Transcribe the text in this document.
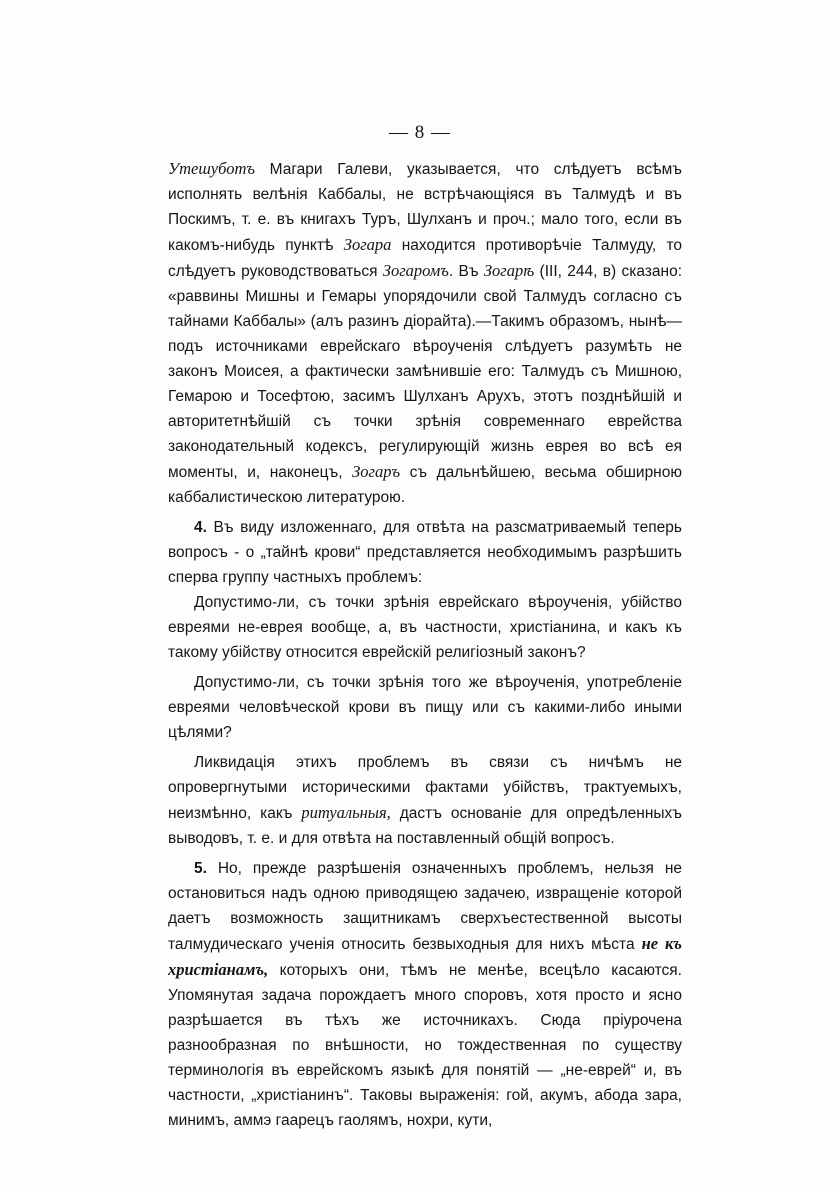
— 8 —

Утешуботъ Магари Галеви, указывается, что слѣдуетъ всѣмъ исполнять велѣнія Каббалы, не встрѣчающіяся въ Талмудѣ и въ Поскимъ, т. е. въ книгахъ Туръ, Шулханъ и проч.; мало того, если въ какомъ-нибудь пунктѣ Зогара находится противорѣчіе Талмуду, то слѣдуетъ руководствоваться Зогаромъ. Въ Зогарѣ (III, 244, в) сказано: «раввины Мишны и Гемары упорядочили свой Талмудъ согласно съ тайнами Каббалы» (алъ разинъ діорайта).—Такимъ образомъ, нынѣ—подъ источниками еврейскаго вѣроученія слѣдуетъ разумѣть не законъ Моисея, а фактически замѣнившіе его: Талмудъ съ Мишною, Гемарою и Тосефтою, засимъ Шулханъ Арухъ, этотъ позднѣйшій и авторитетнѣйшій съ точки зрѣнія современнаго еврейства законодательный кодексъ, регулирующій жизнь еврея во всѣ ея моменты, и, наконецъ, Зогаръ съ дальнѣйшею, весьма обширною каббалистическою литературою.

4. Въ виду изложеннаго, для отвѣта на разсматриваемый теперь вопросъ - о „тайнѣ крови“ представляется необходимымъ разрѣшить сперва группу частныхъ проблемъ:

Допустимо-ли, съ точки зрѣнія еврейскаго вѣроученія, убійство евреями не-еврея вообще, а, въ частности, христіанина, и какъ къ такому убійству относится еврейскій религіозный законъ?

Допустимо-ли, съ точки зрѣнія того же вѣроученія, употребленіе евреями человѣческой крови въ пищу или съ какими-либо иными цѣлями?

Ликвидація этихъ проблемъ въ связи съ ничѣмъ не опровергнутыми историческими фактами убійствъ, трактуемыхъ, неизмѣнно, какъ ритуальныя, дастъ основаніе для опредѣленныхъ выводовъ, т. е. и для отвѣта на поставленный общій вопросъ.

5. Но, прежде разрѣшенія означенныхъ проблемъ, нельзя не остановиться надъ одною приводящею задачею, извращеніе которой даетъ возможность защитникамъ сверхъестественной высоты талмудическаго ученія относить безвыходныя для нихъ мѣста не къ христіанамъ, которыхъ они, тѣмъ не менѣе, всецѣло касаются. Упомянутая задача порождаетъ много споровъ, хотя просто и ясно разрѣшается въ тѣхъ же источникахъ. Сюда пріурочена разнообразная по внѣшности, но тождественная по существу терминологія въ еврейскомъ языкѣ для понятій — „не-еврей“ и, въ частности, „христіанинъ“. Таковы выраженія: гой, акумъ, абода зара, минимъ, аммэ гаарецъ гаолямъ, нохри, кути,
